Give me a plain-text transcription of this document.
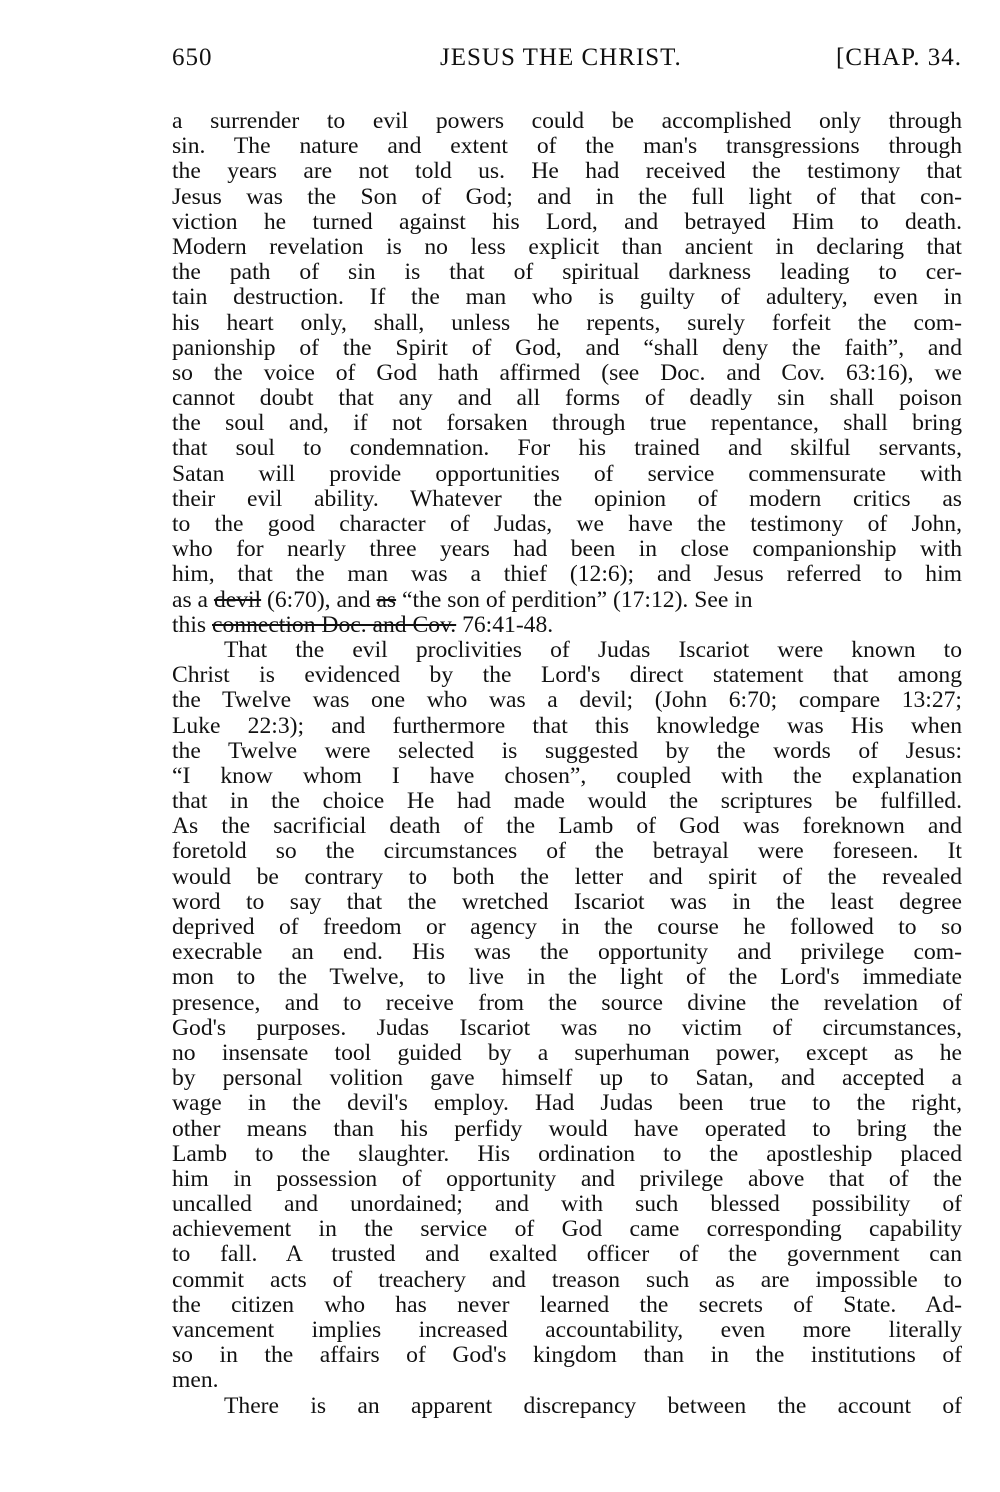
650	JESUS THE CHRIST.	[CHAP. 34.
a surrender to evil powers could be accomplished only through
sin. The nature and extent of the man's transgressions through
the years are not told us. He had received the testimony that
Jesus was the Son of God; and in the full light of that con-
viction he turned against his Lord, and betrayed Him to death.
Modern revelation is no less explicit than ancient in declaring that
the path of sin is that of spiritual darkness leading to cer-
tain destruction. If the man who is guilty of adultery, even in
his heart only, shall, unless he repents, surely forfeit the com-
panionship of the Spirit of God, and “shall deny the faith”, and
so the voice of God hath affirmed (see Doc. and Cov. 63:16), we
cannot doubt that any and all forms of deadly sin shall poison
the soul and, if not forsaken through true repentance, shall bring
that soul to condemnation. For his trained and skilful servants,
Satan will provide opportunities of service commensurate with
their evil ability. Whatever the opinion of modern critics as
to the good character of Judas, we have the testimony of John,
who for nearly three years had been in close companionship with
him, that the man was a thief (12:6); and Jesus referred to him
as a devil (6:70), and as “the son of perdition” (17:12). See in
this connection Doc. and Cov. 76:41-48.
That the evil proclivities of Judas Iscariot were known to
Christ is evidenced by the Lord's direct statement that among
the Twelve was one who was a devil; (John 6:70; compare 13:27;
Luke 22:3); and furthermore that this knowledge was His when
the Twelve were selected is suggested by the words of Jesus:
“I know whom I have chosen”, coupled with the explanation
that in the choice He had made would the scriptures be fulfilled.
As the sacrificial death of the Lamb of God was foreknown and
foretold so the circumstances of the betrayal were foreseen. It
would be contrary to both the letter and spirit of the revealed
word to say that the wretched Iscariot was in the least degree
deprived of freedom or agency in the course he followed to so
execrable an end. His was the opportunity and privilege com-
mon to the Twelve, to live in the light of the Lord's immediate
presence, and to receive from the source divine the revelation of
God's purposes. Judas Iscariot was no victim of circumstances,
no insensate tool guided by a superhuman power, except as he
by personal volition gave himself up to Satan, and accepted a
wage in the devil's employ. Had Judas been true to the right,
other means than his perfidy would have operated to bring the
Lamb to the slaughter. His ordination to the apostleship placed
him in possession of opportunity and privilege above that of the
uncalled and unordained; and with such blessed possibility of
achievement in the service of God came corresponding capability
to fall. A trusted and exalted officer of the government can
commit acts of treachery and treason such as are impossible to
the citizen who has never learned the secrets of State. Ad-
vancement implies increased accountability, even more literally
so in the affairs of God's kingdom than in the institutions of
men.
There is an apparent discrepancy between the account of
